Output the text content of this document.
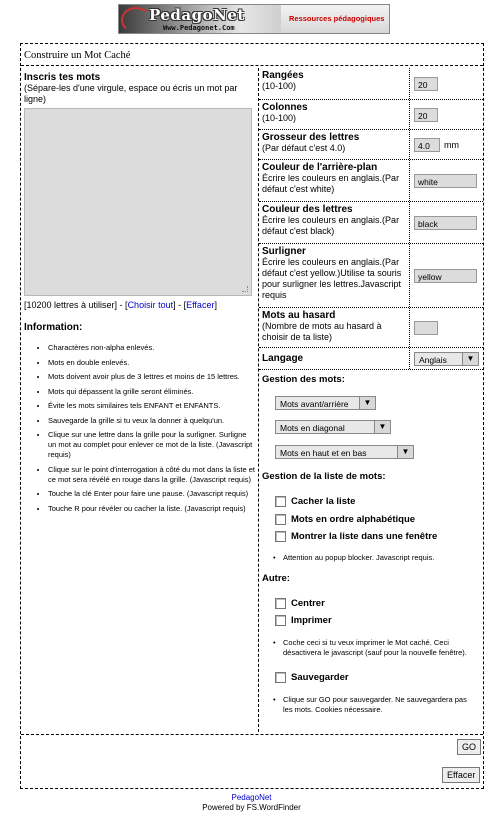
PedagoNet
Www.Pedagonet.Com
Ressources pédagogiques
Construire un Mot Caché
Inscris tes mots
(Sépare-les d'une virgule, espace ou écris un mot par ligne)
[10200 lettres à utiliser] - [Choisir tout] - [Effacer]
Information:
• Charactères non-alpha enlevés.
• Mots en double enlevés.
• Mots doivent avoir plus de 3 lettres et moins de 15 lettres.
• Mots qui dépassent la grille seront éliminés.
• Évite les mots similaires tels ENFANT et ENFANTS.
• Sauvegarde la grille si tu veux la donner à quelqu'un.
• Clique sur une lettre dans la grille pour la surligner. Surligne un mot au complet pour enlever ce mot de la liste. (Javascript requis)
• Clique sur le point d'interrogation à côté du mot dans la liste et ce mot sera révélé en rouge dans la grille. (Javascript requis)
• Touche la clé Enter pour faire une pause. (Javascript requis)
• Touche R pour révéler ou cacher la liste. (Javascript requis)
Rangées
(10-100)	20
Colonnes
(10-100)	20
Grosseur des lettres
(Par défaut c'est 4.0)	4.0	mm
Couleur de l'arrière-plan
Écrire les couleurs en anglais.(Par défaut c'est white)
white
Couleur des lettres
Écrire les couleurs en anglais.(Par défaut c'est black)
black
Surligner
Écrire les couleurs en anglais.(Par défaut c'est yellow.)Utilise ta souris pour surligner les lettres.Javascript requis
yellow
Mots au hasard
(Nombre de mots au hasard à choisir de ta liste)
Langage	Anglais	▼
Gestion des mots:
Mots avant/arrière	▼
Mots en diagonal	▼
Mots en haut et en bas	▼
Gestion de la liste de mots:
Cacher la liste
Mots en ordre alphabétique
Montrer la liste dans une fenêtre
• Attention au popup blocker. Javascript requis.
Autre:
Centrer
Imprimer
• Coche ceci si tu veux imprimer le Mot caché. Ceci désactivera le javascript (sauf pour la nouvelle fenêtre).
Sauvegarder
• Clique sur GO pour sauvegarder. Ne sauvegardera pas les mots. Cookies nécessaire.
GO
Effacer
PedagoNet
Powered by FS.WordFinder
